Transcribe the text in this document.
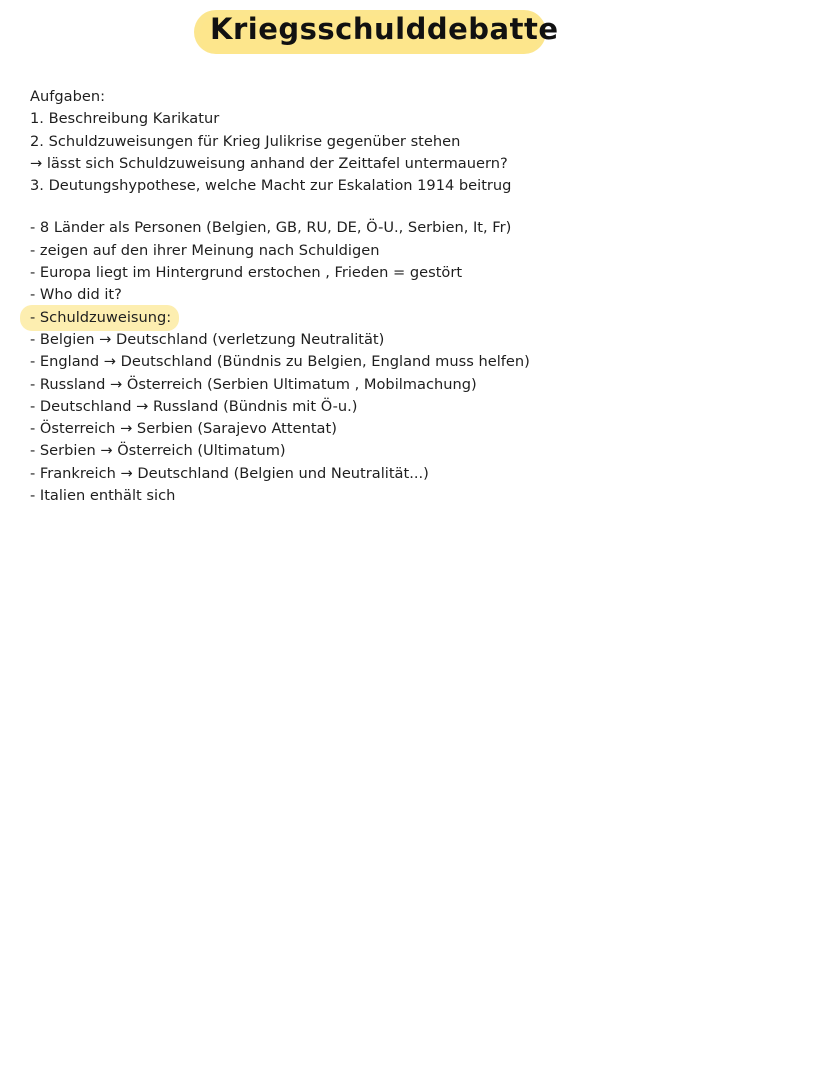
Kriegsschulddebatte
Aufgaben:
1. Beschreibung Karikatur
2. Schuldzuweisungen für Krieg Julikrise gegenüber stehen
→ lässt sich Schuldzuweisung anhand der Zeittafel untermauern?
3. Deutungshypothese, welche Macht zur Eskalation 1914 beitrug
- 8 Länder als Personen (Belgien, GB, RU, DE, Ö-U., Serbien, It, Fr)
- zeigen auf den ihrer Meinung nach Schuldigen
- Europa liegt im Hintergrund erstochen , Frieden = gestört
- Who did it?
- Schuldzuweisung:
- Belgien → Deutschland (verletzung Neutralität)
- England → Deutschland (Bündnis zu Belgien, England muss helfen)
- Russland → Österreich (Serbien Ultimatum , Mobilmachung)
- Deutschland → Russland (Bündnis mit Ö-u.)
- Österreich → Serbien (Sarajevo Attentat)
- Serbien → Österreich (Ultimatum)
- Frankreich → Deutschland (Belgien und Neutralität...)
- Italien enthält sich
